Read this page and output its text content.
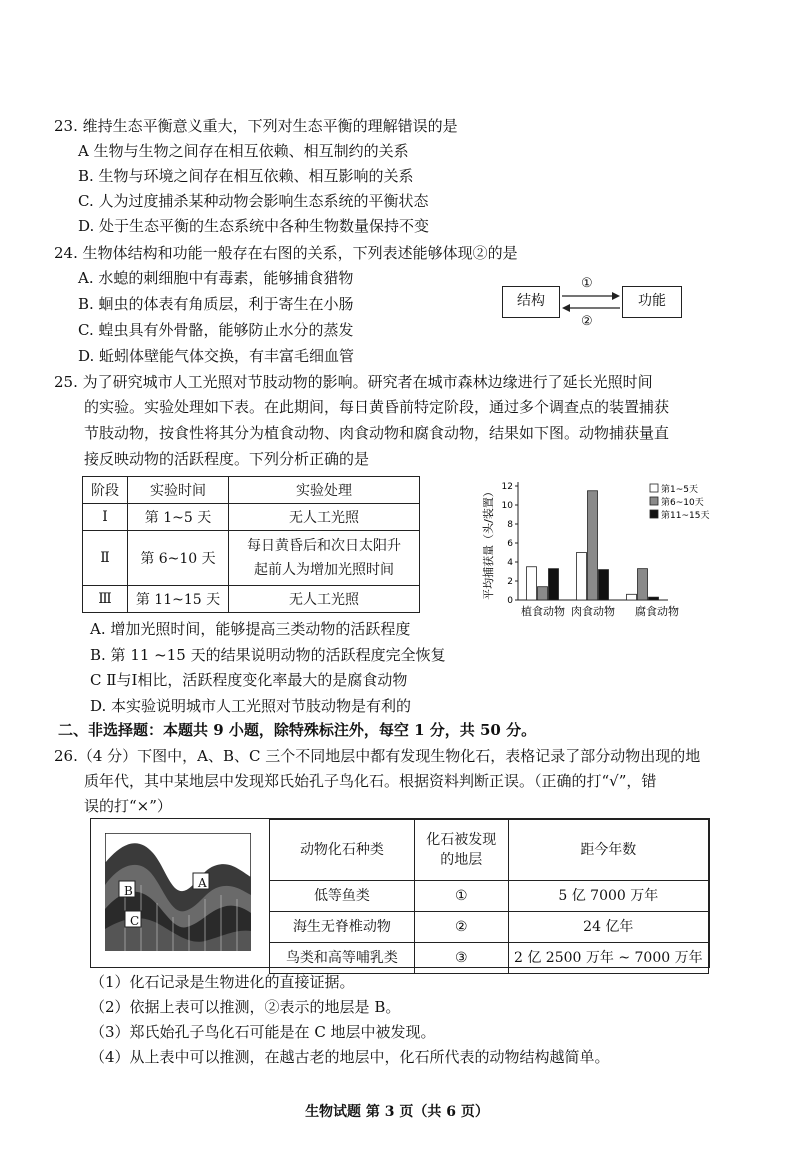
23. 维持生态平衡意义重大，下列对生态平衡的理解错误的是
A 生物与生物之间存在相互依赖、相互制约的关系
B. 生物与环境之间存在相互依赖、相互影响的关系
C. 人为过度捕杀某种动物会影响生态系统的平衡状态
D. 处于生态平衡的生态系统中各种生物数量保持不变
24. 生物体结构和功能一般存在右图的关系，下列表述能够体现②的是
A. 水螅的刺细胞中有毒素，能够捕食猎物
B. 蛔虫的体表有角质层，利于寄生在小肠
C. 蝗虫具有外骨骼，能够防止水分的蒸发
D. 蚯蚓体壁能气体交换，有丰富毛细血管
结构	功能
①
②
25. 为了研究城市人工光照对节肢动物的影响。研究者在城市森林边缘进行了延长光照时间
的实验。实验处理如下表。在此期间，每日黄昏前特定阶段，通过多个调查点的装置捕获
节肢动物，按食性将其分为植食动物、肉食动物和腐食动物，结果如下图。动物捕获量直
接反映动物的活跃程度。下列分析正确的是
阶段	实验时间	实验处理
Ⅰ	第 1~5 天	无人工光照
Ⅱ	第 6~10 天	每日黄昏后和次日太阳升
起前人为增加光照时间
Ⅲ	第 11~15 天	无人工光照
平均捕获量（头/装置）
0
2
4
6
8
10
12
植食动物 肉食动物 腐食动物
第1~5天
第6~10天
第11~15天
A. 增加光照时间，能够提高三类动物的活跃程度
B. 第 11 ~15 天的结果说明动物的活跃程度完全恢复
C Ⅱ与Ⅰ相比，活跃程度变化率最大的是腐食动物
D. 本实验说明城市人工光照对节肢动物是有利的
二、非选择题：本题共 9 小题，除特殊标注外，每空 1 分，共 50 分。
26.（4 分）下图中，A、B、C 三个不同地层中都有发现生物化石，表格记录了部分动物出现的地
质年代，其中某地层中发现郑氏始孔子鸟化石。根据资料判断正误。（正确的打“√”，错
误的打“×”）
A
B
C
动物化石种类	化石被发现
的地层	距今年数
低等鱼类	①	5 亿 7000 万年
海生无脊椎动物	②	24 亿年
鸟类和高等哺乳类	③	2 亿 2500 万年 ~ 7000 万年
（1）化石记录是生物进化的直接证据。
（2）依据上表可以推测，②表示的地层是 B。
（3）郑氏始孔子鸟化石可能是在 C 地层中被发现。
（4）从上表中可以推测，在越古老的地层中，化石所代表的动物结构越简单。
生物试题 第 3 页（共 6 页）
